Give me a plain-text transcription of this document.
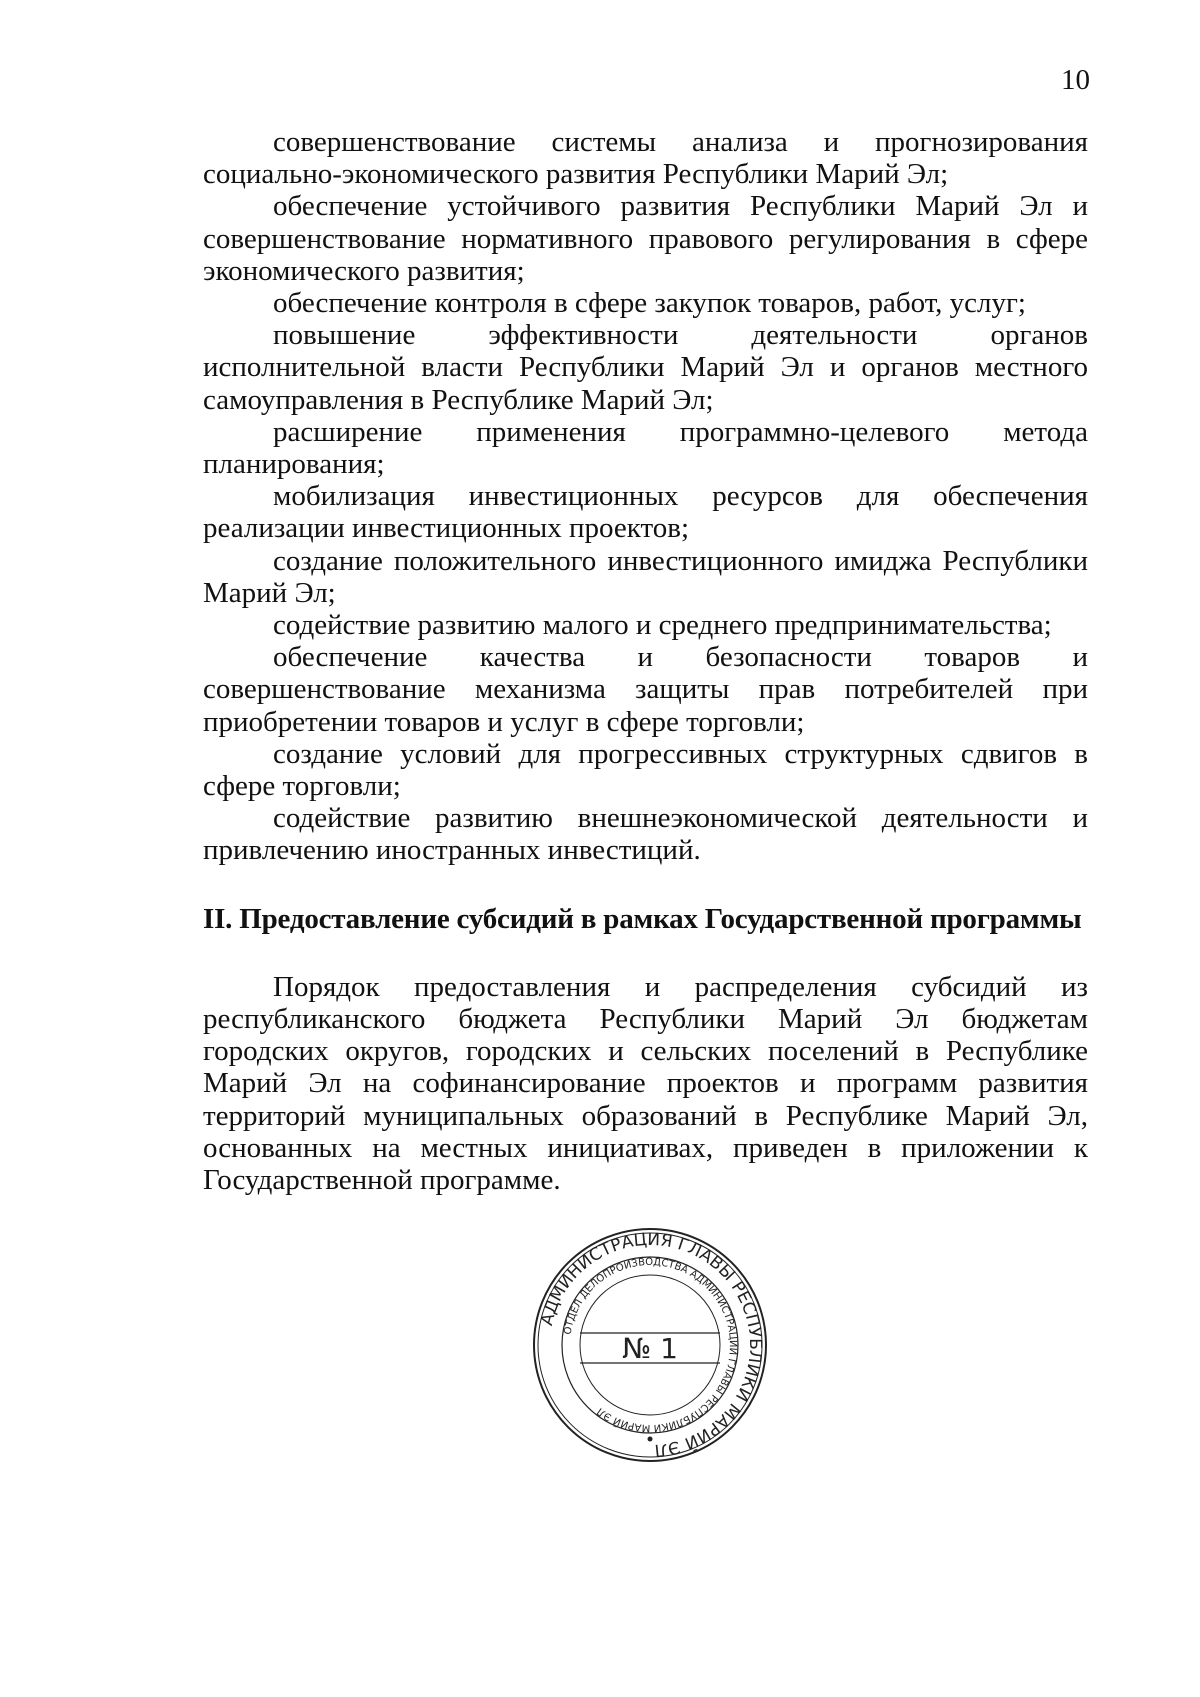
10

совершенствование системы анализа и прогнозирования социально-экономического развития Республики Марий Эл;

обеспечение устойчивого развития Республики Марий Эл и совершенствование нормативного правового регулирования в сфере экономического развития;

обеспечение контроля в сфере закупок товаров, работ, услуг;

повышение эффективности деятельности органов исполнительной власти Республики Марий Эл и органов местного самоуправления в Республике Марий Эл;

расширение применения программно-целевого метода планирования;

мобилизация инвестиционных ресурсов для обеспечения реализации инвестиционных проектов;

создание положительного инвестиционного имиджа Республики Марий Эл;

содействие развитию малого и среднего предпринимательства;

обеспечение качества и безопасности товаров и совершенствование механизма защиты прав потребителей при приобретении товаров и услуг в сфере торговли;

создание условий для прогрессивных структурных сдвигов в сфере торговли;

содействие развитию внешнеэкономической деятельности и привлечению иностранных инвестиций.

II. Предоставление субсидий в рамках Государственной программы

Порядок предоставления и распределения субсидий из республиканского бюджета Республики Марий Эл бюджетам городских округов, городских и сельских поселений в Республике Марий Эл на софинансирование проектов и программ развития территорий муниципальных образований в Республике Марий Эл, основанных на местных инициативах, приведен в приложении к Государственной программе.

АДМИНИСТРАЦИЯ ГЛАВЫ РЕСПУБЛИКИ МАРИЙ ЭЛ
ОТДЕЛ ДЕЛОПРОИЗВОДСТВА АДМИНИСТРАЦИИ ГЛАВЫ РЕСПУБЛИКИ МАРИЙ ЭЛ
№ 1
